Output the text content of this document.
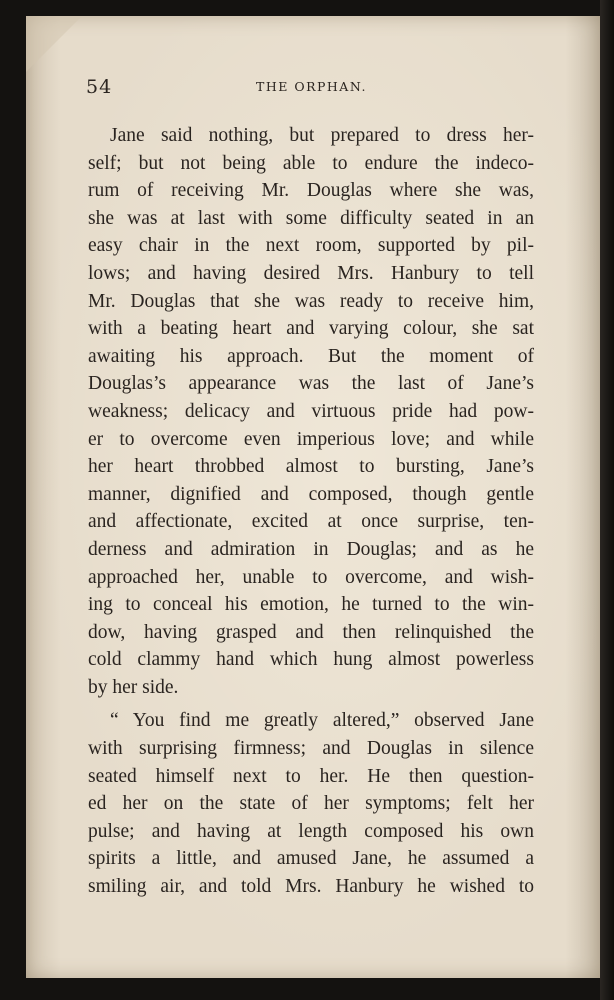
54	THE ORPHAN.
Jane said nothing, but prepared to dress her-
self; but not being able to endure the indeco-
rum of receiving Mr. Douglas where she was,
she was at last with some difficulty seated in an
easy chair in the next room, supported by pil-
lows; and having desired Mrs. Hanbury to tell
Mr. Douglas that she was ready to receive him,
with a beating heart and varying colour, she sat
awaiting his approach. But the moment of
Douglas’s appearance was the last of Jane’s
weakness; delicacy and virtuous pride had pow-
er to overcome even imperious love; and while
her heart throbbed almost to bursting, Jane’s
manner, dignified and composed, though gentle
and affectionate, excited at once surprise, ten-
derness and admiration in Douglas; and as he
approached her, unable to overcome, and wish-
ing to conceal his emotion, he turned to the win-
dow, having grasped and then relinquished the
cold clammy hand which hung almost powerless
by her side.
“ You find me greatly altered,” observed Jane
with surprising firmness; and Douglas in silence
seated himself next to her. He then question-
ed her on the state of her symptoms; felt her
pulse; and having at length composed his own
spirits a little, and amused Jane, he assumed a
smiling air, and told Mrs. Hanbury he wished to
